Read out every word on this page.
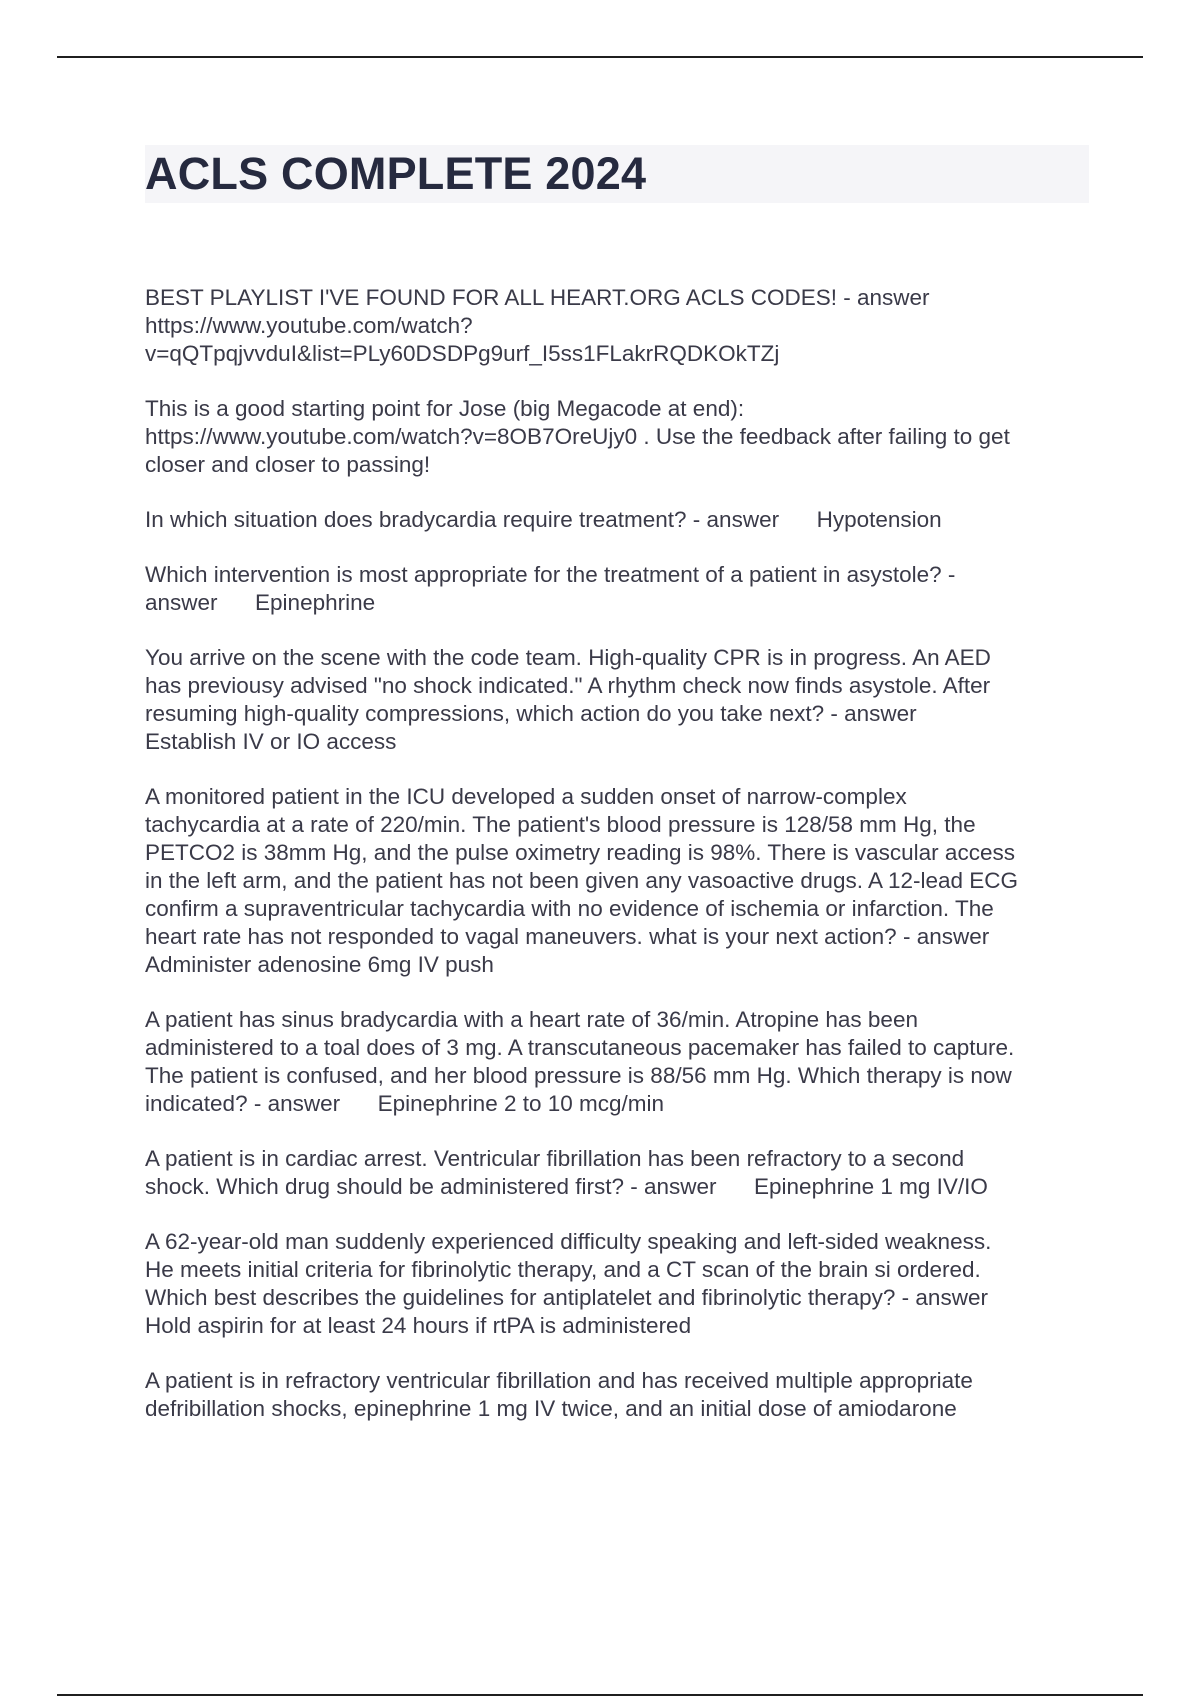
ACLS COMPLETE 2024
BEST PLAYLIST I'VE FOUND FOR ALL HEART.ORG ACLS CODES! - answer
https://www.youtube.com/watch?
v=qQTpqjvvduI&list=PLy60DSDPg9urf_I5ss1FLakrRQDKOkTZj
This is a good starting point for Jose (big Megacode at end):
https://www.youtube.com/watch?v=8OB7OreUjy0 . Use the feedback after failing to get
closer and closer to passing!
In which situation does bradycardia require treatment? - answer      Hypotension
Which intervention is most appropriate for the treatment of a patient in asystole? -
answer      Epinephrine
You arrive on the scene with the code team. High-quality CPR is in progress. An AED
has previousy advised "no shock indicated." A rhythm check now finds asystole. After
resuming high-quality compressions, which action do you take next? - answer
Establish IV or IO access
A monitored patient in the ICU developed a sudden onset of narrow-complex
tachycardia at a rate of 220/min. The patient's blood pressure is 128/58 mm Hg, the
PETCO2 is 38mm Hg, and the pulse oximetry reading is 98%. There is vascular access
in the left arm, and the patient has not been given any vasoactive drugs. A 12-lead ECG
confirm a supraventricular tachycardia with no evidence of ischemia or infarction. The
heart rate has not responded to vagal maneuvers. what is your next action? - answer
Administer adenosine 6mg IV push
A patient has sinus bradycardia with a heart rate of 36/min. Atropine has been
administered to a toal does of 3 mg. A transcutaneous pacemaker has failed to capture.
The patient is confused, and her blood pressure is 88/56 mm Hg. Which therapy is now
indicated? - answer      Epinephrine 2 to 10 mcg/min
A patient is in cardiac arrest. Ventricular fibrillation has been refractory to a second
shock. Which drug should be administered first? - answer      Epinephrine 1 mg IV/IO
A 62-year-old man suddenly experienced difficulty speaking and left-sided weakness.
He meets initial criteria for fibrinolytic therapy, and a CT scan of the brain si ordered.
Which best describes the guidelines for antiplatelet and fibrinolytic therapy? - answer
Hold aspirin for at least 24 hours if rtPA is administered
A patient is in refractory ventricular fibrillation and has received multiple appropriate
defribillation shocks, epinephrine 1 mg IV twice, and an initial dose of amiodarone
